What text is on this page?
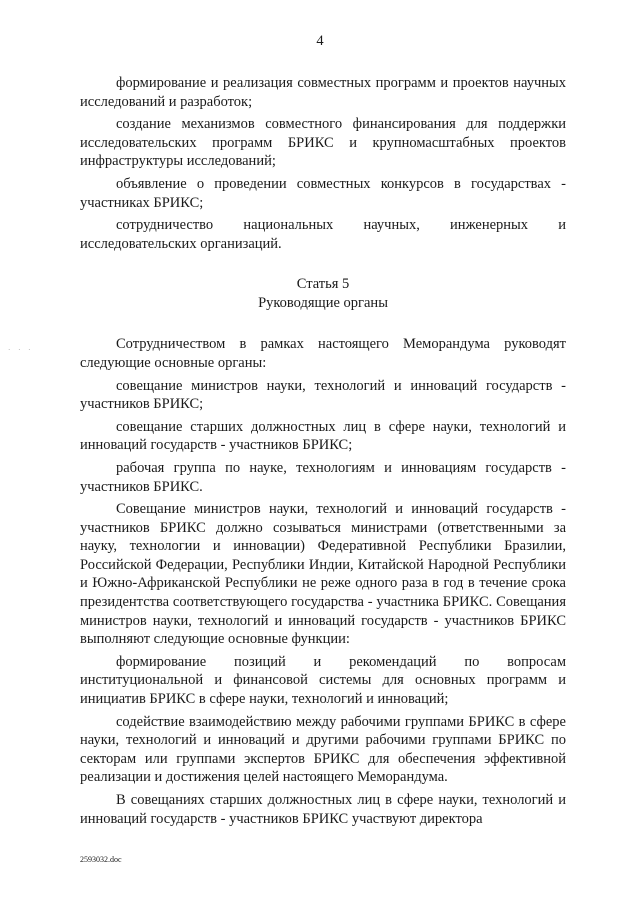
4
· · ·

формирование и реализация совместных программ и проектов научных исследований и разработок;

создание механизмов совместного финансирования для поддержки исследовательских программ БРИКС и крупномасштабных проектов инфраструктуры исследований;

объявление о проведении совместных конкурсов в государствах - участниках БРИКС;

сотрудничество национальных научных, инженерных и исследовательских организаций.

Статья 5

Руководящие органы

Сотрудничеством в рамках настоящего Меморандума руководят следующие основные органы:

совещание министров науки, технологий и инноваций государств - участников БРИКС;

совещание старших должностных лиц в сфере науки, технологий и инноваций государств - участников БРИКС;

рабочая группа по науке, технологиям и инновациям государств - участников БРИКС.

Совещание министров науки, технологий и инноваций государств - участников БРИКС должно созываться министрами (ответственными за науку, технологии и инновации) Федеративной Республики Бразилии, Российской Федерации, Республики Индии, Китайской Народной Республики и Южно-Африканской Республики не реже одного раза в год в течение срока президентства соответствующего государства - участника БРИКС. Совещания министров науки, технологий и инноваций государств - участников БРИКС выполняют следующие основные функции:

формирование позиций и рекомендаций по вопросам институциональной и финансовой системы для основных программ и инициатив БРИКС в сфере науки, технологий и инноваций;

содействие взаимодействию между рабочими группами БРИКС в сфере науки, технологий и инноваций и другими рабочими группами БРИКС по секторам или группами экспертов БРИКС для обеспечения эффективной реализации и достижения целей настоящего Меморандума.

В совещаниях старших должностных лиц в сфере науки, технологий и инноваций государств - участников БРИКС участвуют директора

2593032.doc
